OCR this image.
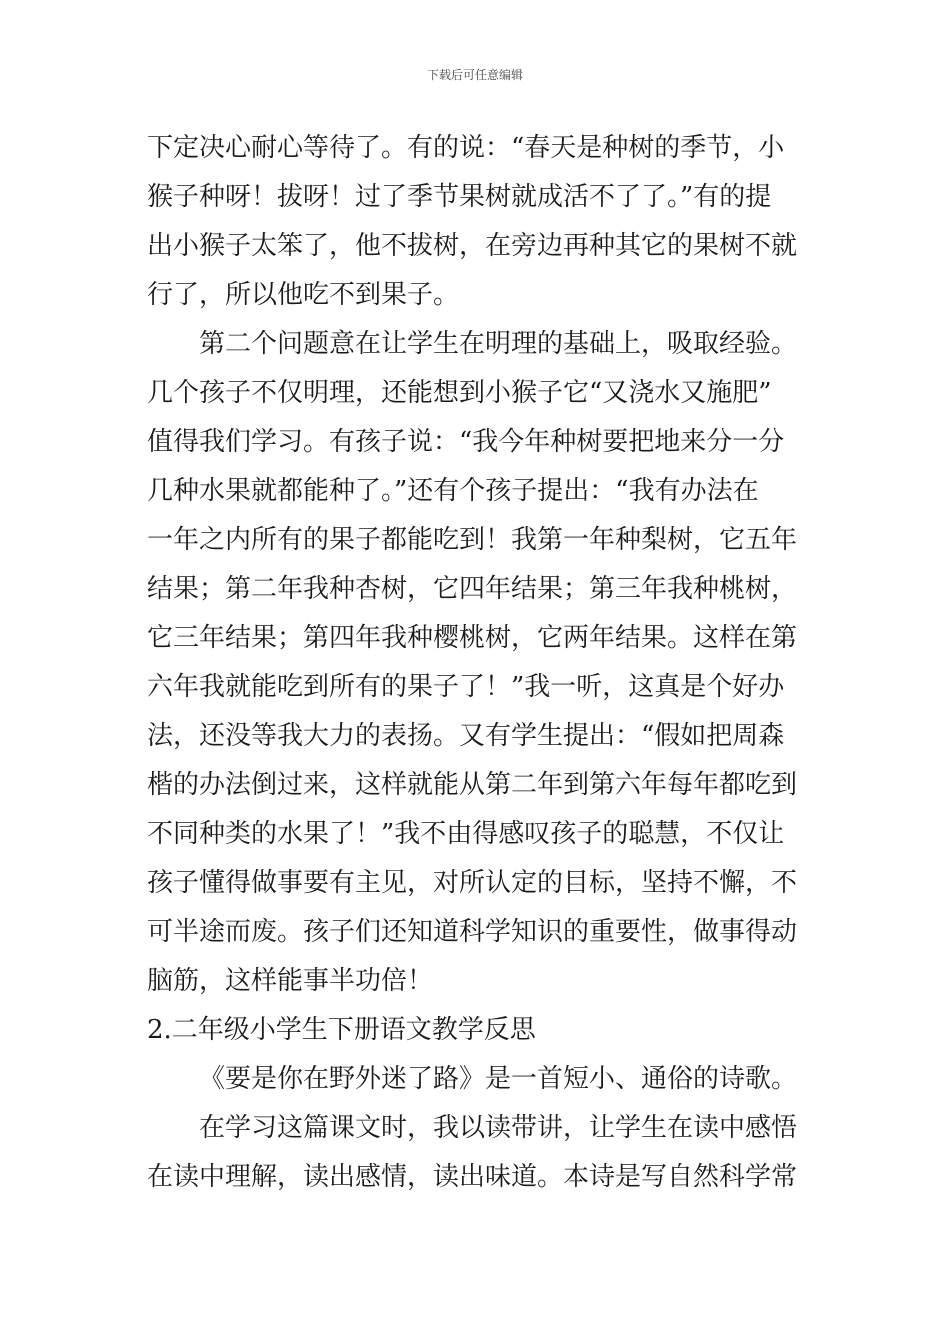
下载后可任意编辑
下定决心耐心等待了。有的说：“春天是种树的季节，小
猴子种呀！拔呀！过了季节果树就成活不了了。”有的提
出小猴子太笨了，他不拔树，在旁边再种其它的果树不就
行了，所以他吃不到果子。
第二个问题意在让学生在明理的基础上，吸取经验。
几个孩子不仅明理，还能想到小猴子它“又浇水又施肥”
值得我们学习。有孩子说：“我今年种树要把地来分一分
几种水果就都能种了。”还有个孩子提出：“我有办法在
一年之内所有的果子都能吃到！我第一年种梨树，它五年
结果；第二年我种杏树，它四年结果；第三年我种桃树，
它三年结果；第四年我种樱桃树，它两年结果。这样在第
六年我就能吃到所有的果子了！”我一听，这真是个好办
法，还没等我大力的表扬。又有学生提出：“假如把周森
楷的办法倒过来，这样就能从第二年到第六年每年都吃到
不同种类的水果了！”我不由得感叹孩子的聪慧，不仅让
孩子懂得做事要有主见，对所认定的目标，坚持不懈，不
可半途而废。孩子们还知道科学知识的重要性，做事得动
脑筋，这样能事半功倍！
2.二年级小学生下册语文教学反思
《要是你在野外迷了路》是一首短小、通俗的诗歌。
在学习这篇课文时，我以读带讲，让学生在读中感悟
在读中理解，读出感情，读出味道。本诗是写自然科学常
